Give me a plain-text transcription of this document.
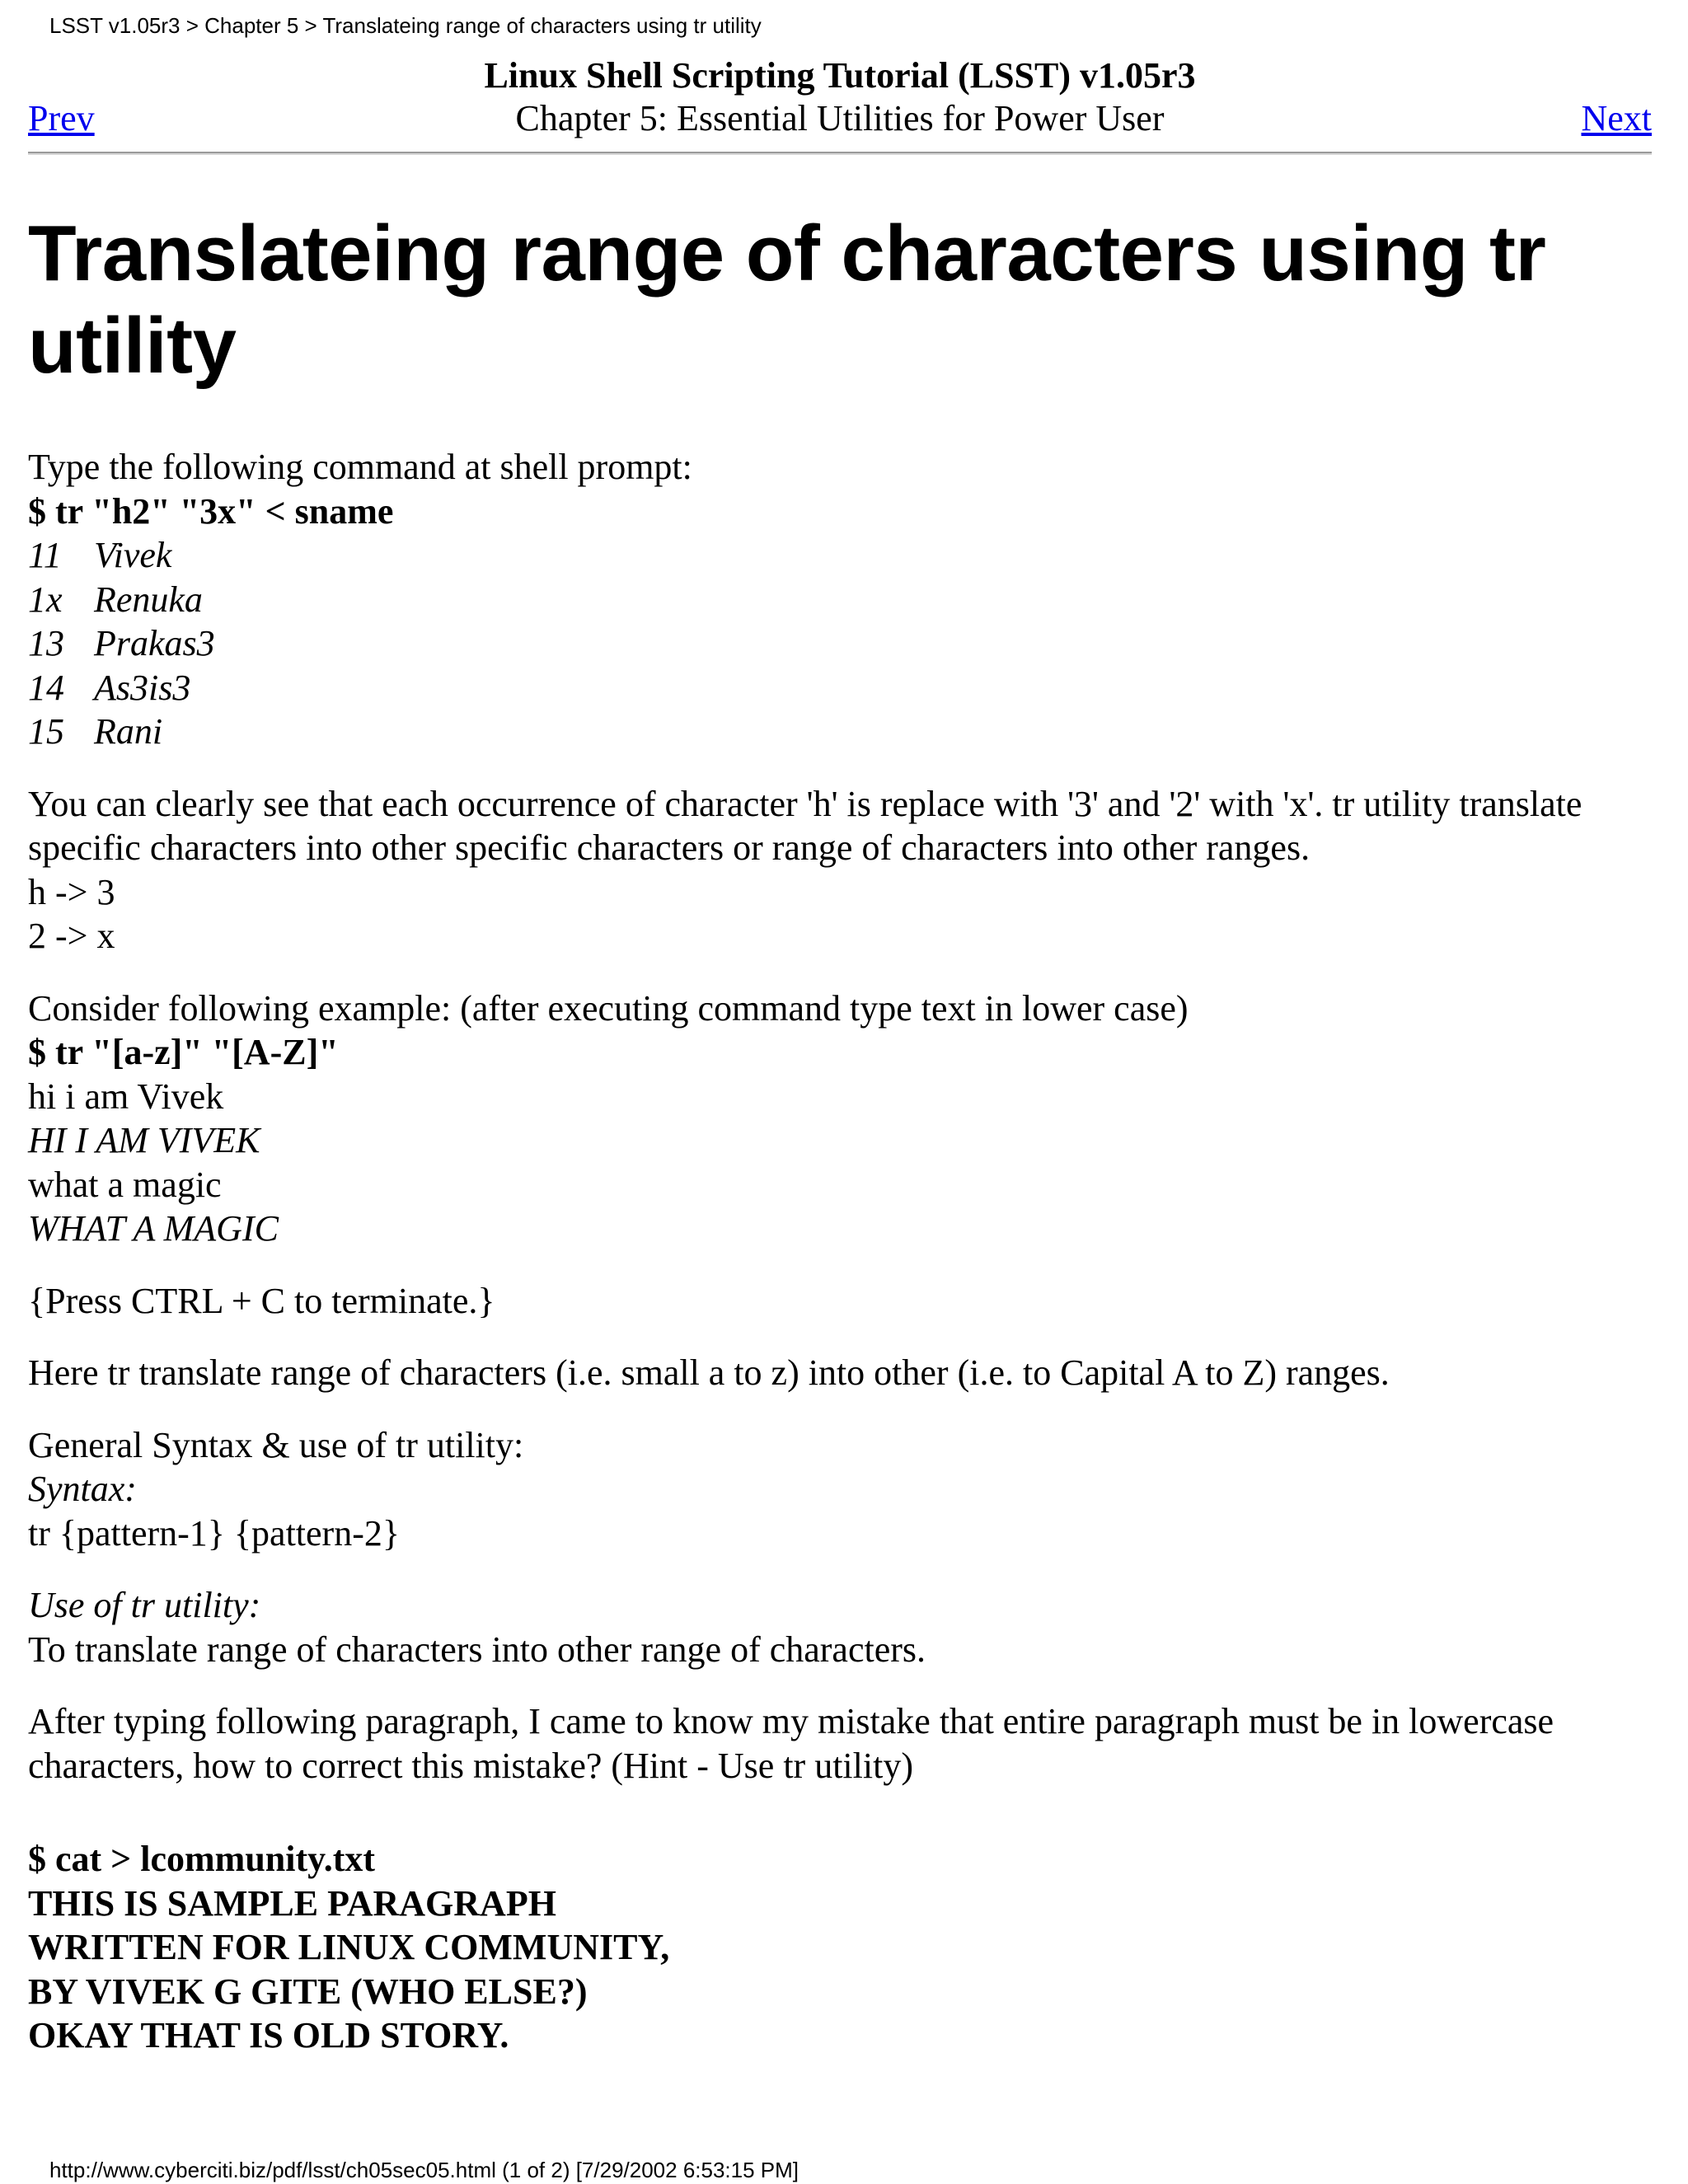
LSST v1.05r3 > Chapter 5 > Translateing range of characters using tr utility
Linux Shell Scripting Tutorial (LSST) v1.05r3
Chapter 5: Essential Utilities for Power User
Prev	Next
Translateing range of characters using tr utility

Type the following command at shell prompt:
$ tr "h2" "3x" < sname
11 Vivek
1x Renuka
13 Prakas3
14 As3is3
15 Rani

You can clearly see that each occurrence of character 'h' is replace with '3' and '2' with 'x'. tr utility translate specific characters into other specific characters or range of characters into other ranges.
h -> 3
2 -> x

Consider following example: (after executing command type text in lower case)
$ tr "[a-z]" "[A-Z]"
hi i am Vivek
HI I AM VIVEK
what a magic
WHAT A MAGIC

{Press CTRL + C to terminate.}

Here tr translate range of characters (i.e. small a to z) into other (i.e. to Capital A to Z) ranges.

General Syntax & use of tr utility:
Syntax:
tr {pattern-1} {pattern-2}

Use of tr utility:
To translate range of characters into other range of characters.

After typing following paragraph, I came to know my mistake that entire paragraph must be in lowercase characters, how to correct this mistake? (Hint - Use tr utility)

$ cat > lcommunity.txt
THIS IS SAMPLE PARAGRAPH
WRITTEN FOR LINUX COMMUNITY,
BY VIVEK G GITE (WHO ELSE?)
OKAY THAT IS OLD STORY.

http://www.cyberciti.biz/pdf/lsst/ch05sec05.html (1 of 2) [7/29/2002 6:53:15 PM]
